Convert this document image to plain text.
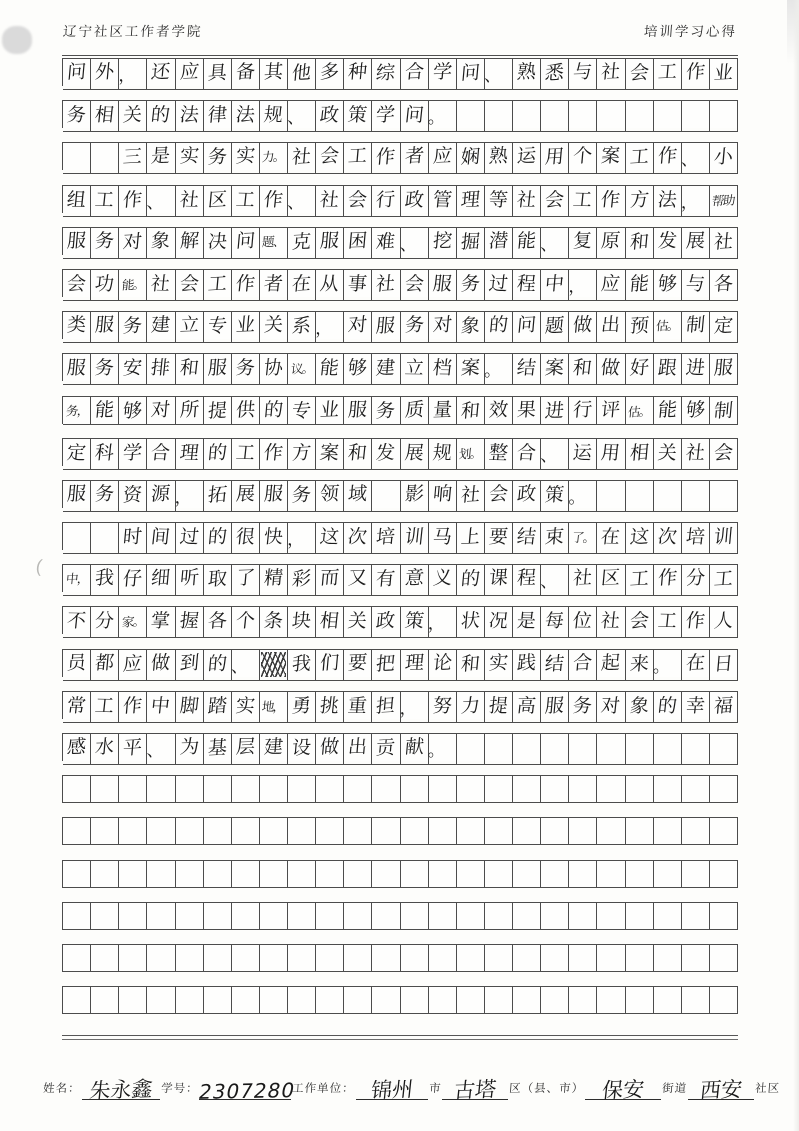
(
辽宁社区工作者学院	培训学习心得
问 外 ， 还 应 具 备 其 他 多 种 综 合 学 问 、 熟 悉 与 社 会 工 作 业
务 相 关 的 法 律 法 规 、 政 策 学 问 。
三 是 实 务 实 力。 社 会 工 作 者 应 娴 熟 运 用 个 案 工 作 、 小
组 工 作 、 社 区 工 作 、 社 会 行 政 管 理 等 社 会 工 作 方 法 ，	帮助
服 务 对 象 解 决 问 题、 克 服 困 难 、 挖 掘 潜 能 、 复 原 和 发 展 社
会 功 能。 社 会 工 作 者 在 从 事 社 会 服 务 过 程 中 ， 应 能 够 与 各
类 服 务 建 立 专 业 关 系 ， 对 服 务 对 象 的 问 题 做 出 预 估。 制 定
服 务 安 排 和 服 务 协 议。 能 够 建 立 档 案 。 结 案 和 做 好 跟 进 服
务， 能 够 对 所 提 供 的 专 业 服 务 质 量 和 效 果 进 行 评 估。 能 够 制
定 科 学 合 理 的 工 作 方 案 和 发 展 规 划。 整 合 、 运 用 相 关 社 会
服 务 资 源 ， 拓 展 服 务 领 域 影 响 社 会 政 策 。
时 间 过 的 很 快 ， 这 次 培 训 马 上 要 结 束 了。 在 这 次 培 训
中， 我 仔 细 听 取 了 精 彩 而 又 有 意 义 的 课 程 、 社 区 工 作 分 工
不 分 家。 掌 握 各 个 条 块 相 关 政 策 ， 状 况 是 每 位 社 会 工 作 人
员 都 应 做 到 的 、	我 们 要 把 理 论 和 实 践 结 合 起 来 。 在 日
常 工 作 中 脚 踏 实 地， 勇 挑 重 担 ， 努 力 提 高 服 务 对 象 的 幸 福
感 水 平 、 为 基 层 建 设 做 出 贡 献 。
姓名： 朱永鑫 学号：
2307280
工作单位： 锦州	市 古塔 区（县、市） 保安	街道 西安 社区
